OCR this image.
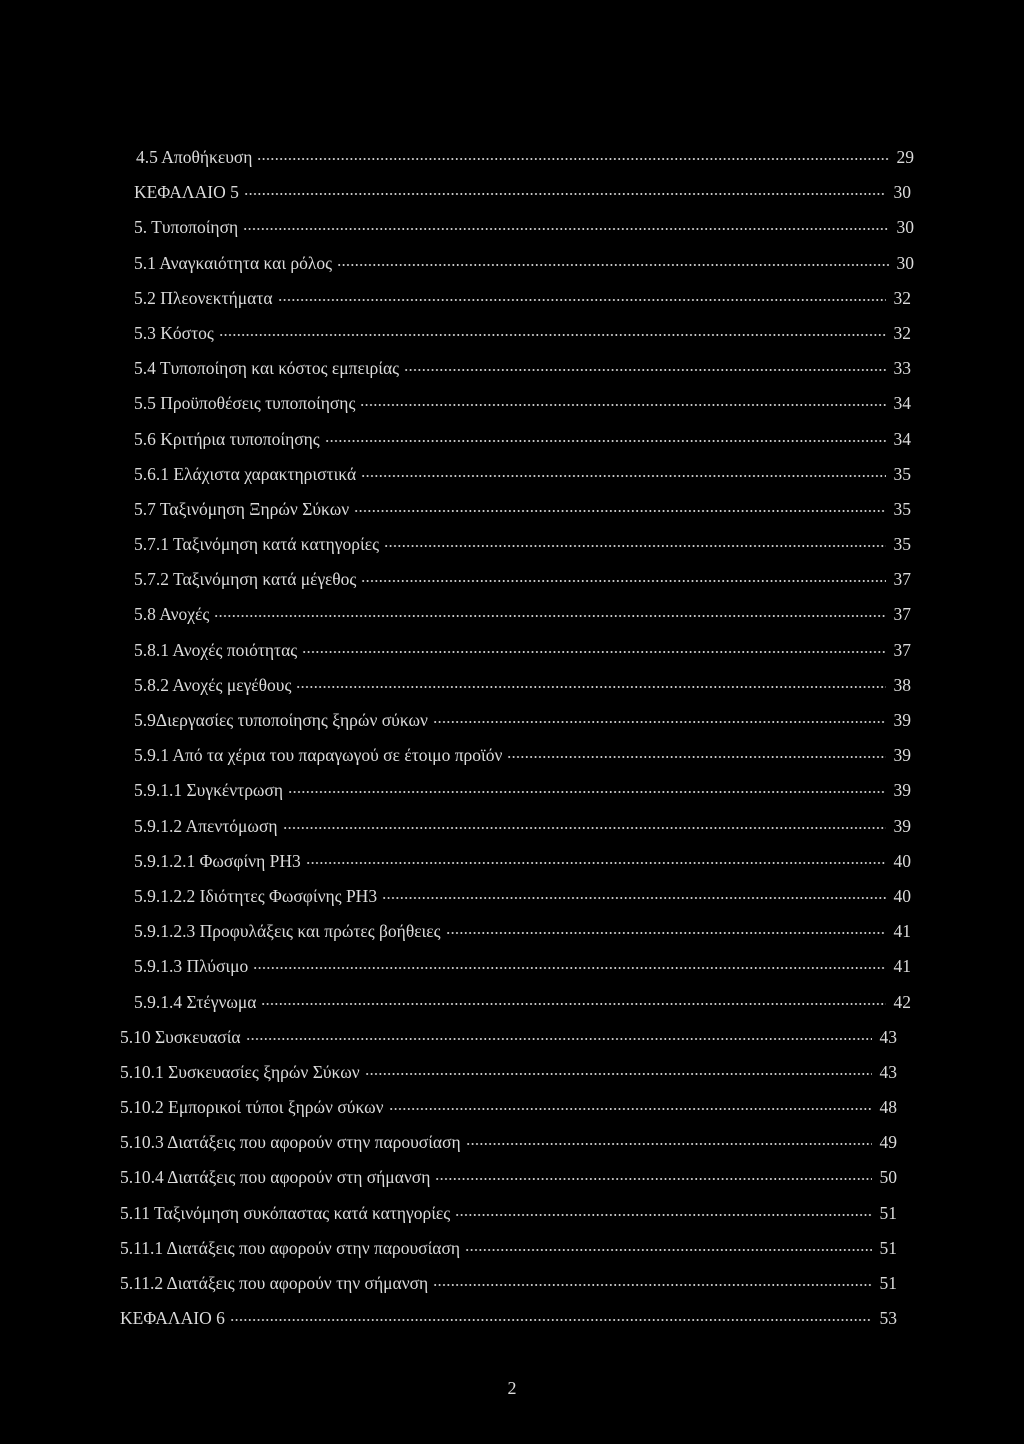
4.5 Αποθήκευση	29
ΚΕΦΑΛΑΙΟ 5	30
5. Τυποποίηση	30
5.1 Αναγκαιότητα και ρόλος	30
5.2 Πλεονεκτήματα	32
5.3 Κόστος	32
5.4 Τυποποίηση και κόστος εμπειρίας	33
5.5 Προϋποθέσεις τυποποίησης	34
5.6 Κριτήρια τυποποίησης	34
5.6.1 Ελάχιστα χαρακτηριστικά	35
5.7 Ταξινόμηση Ξηρών Σύκων	35
5.7.1 Ταξινόμηση κατά κατηγορίες	35
5.7.2 Ταξινόμηση κατά μέγεθος	37
5.8 Ανοχές	37
5.8.1 Ανοχές ποιότητας	37
5.8.2 Ανοχές μεγέθους	38
5.9Διεργασίες τυποποίησης ξηρών σύκων	39
5.9.1 Από τα χέρια του παραγωγού σε έτοιμο προϊόν	39
5.9.1.1 Συγκέντρωση	39
5.9.1.2 Απεντόμωση	39
5.9.1.2.1 Φωσφίνη PH3	40
5.9.1.2.2 Ιδιότητες Φωσφίνης PH3	40
5.9.1.2.3 Προφυλάξεις και πρώτες βοήθειες	41
5.9.1.3 Πλύσιμο	41
5.9.1.4 Στέγνωμα	42
5.10 Συσκευασία	43
5.10.1 Συσκευασίες ξηρών Σύκων	43
5.10.2 Εμπορικοί τύποι ξηρών σύκων	48
5.10.3 Διατάξεις που αφορούν στην παρουσίαση	49
5.10.4 Διατάξεις που αφορούν στη σήμανση	50
5.11 Ταξινόμηση συκόπαστας κατά κατηγορίες	51
5.11.1 Διατάξεις που αφορούν στην παρουσίαση	51
5.11.2 Διατάξεις που αφορούν την σήμανση	51
ΚΕΦΑΛΑΙΟ 6	53
2
